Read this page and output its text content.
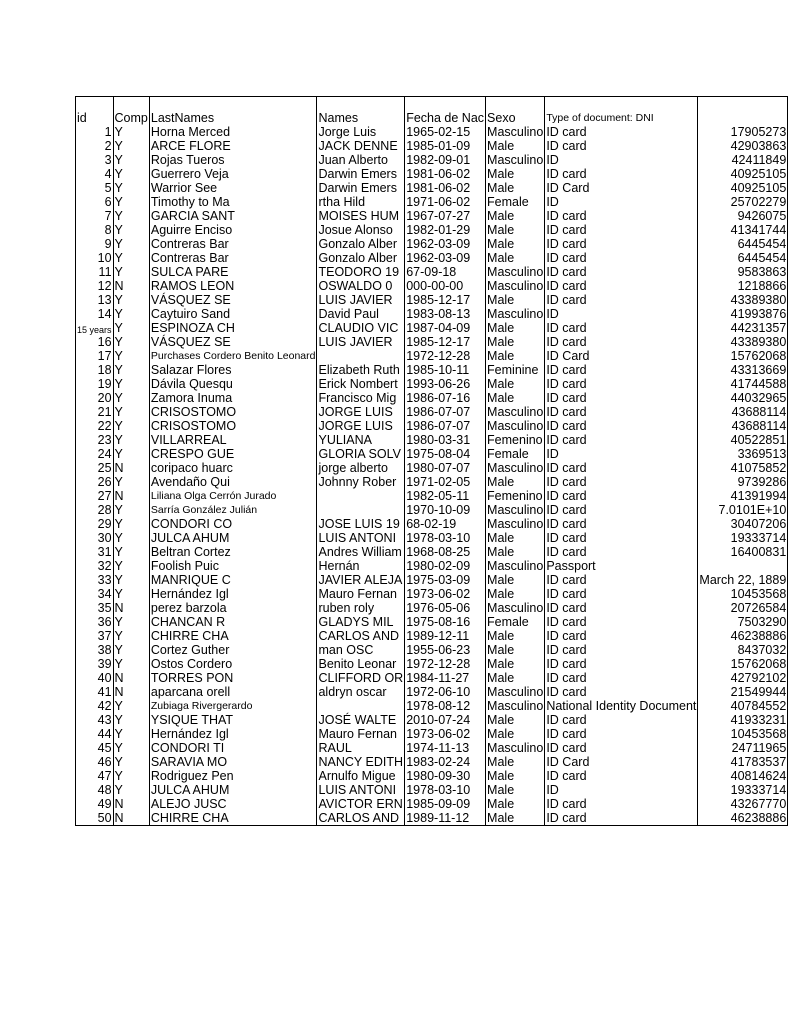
id	Comp	LastNames	Names	Fecha de Nac	Sexo	Type of document: DNI	
1	Y	Horna Merced	Jorge Luis	1965-02-15	Masculino	ID card	17905273
2	Y	ARCE FLORE	JACK DENNE	1985-01-09	Male	ID card	42903863
3	Y	Rojas Tueros	Juan Alberto	1982-09-01	Masculino	ID	42411849
4	Y	Guerrero Veja	Darwin Emers	1981-06-02	Male	ID card	40925105
5	Y	Warrior See	Darwin Emers	1981-06-02	Male	ID Card	40925105
6	Y	Timothy to Ma	rtha Hild	1971-06-02	Female	ID	25702279
7	Y	GARCIA SANT	MOISES HUM	1967-07-27	Male	ID card	9426075
8	Y	Aguirre Enciso	Josue Alonso	1982-01-29	Male	ID card	41341744
9	Y	Contreras Bar	Gonzalo Alber	1962-03-09	Male	ID card	6445454
10	Y	Contreras Bar	Gonzalo Alber	1962-03-09	Male	ID card	6445454
11	Y	SULCA PARE	TEODORO 19	67-09-18	Masculino	ID card	9583863
12	N	RAMOS LEON	OSWALDO 0	000-00-00	Masculino	ID card	1218866
13	Y	VÁSQUEZ SE	LUIS JAVIER	1985-12-17	Male	ID card	43389380
14	Y	Caytuiro Sand	David Paul	1983-08-13	Masculino	ID	41993876
15 years	Y	ESPINOZA CH	CLAUDIO VIC	1987-04-09	Male	ID card	44231357
16	Y	VÁSQUEZ SE	LUIS JAVIER	1985-12-17	Male	ID card	43389380
17	Y	Purchases Cordero Benito Leonard		1972-12-28	Male	ID Card	15762068
18	Y	Salazar Flores	Elizabeth Ruth	1985-10-11	Feminine	ID card	43313669
19	Y	Dávila Quesqu	Erick Nombert	1993-06-26	Male	ID card	41744588
20	Y	Zamora Inuma	Francisco Mig	1986-07-16	Male	ID card	44032965
21	Y	CRISOSTOMO	JORGE LUIS	1986-07-07	Masculino	ID card	43688114
22	Y	CRISOSTOMO	JORGE LUIS	1986-07-07	Masculino	ID card	43688114
23	Y	VILLARREAL	YULIANA	1980-03-31	Femenino	ID card	40522851
24	Y	CRESPO GUE	GLORIA SOLV	1975-08-04	Female	ID	3369513
25	N	coripaco huarc	jorge alberto	1980-07-07	Masculino	ID card	41075852
26	Y	Avendaño Qui	Johnny Rober	1971-02-05	Male	ID card	9739286
27	N	Liliana Olga Cerrón Jurado		1982-05-11	Femenino	ID card	41391994
28	Y	Sarría González Julián		1970-10-09	Masculino	ID card	7.0101E+10
29	Y	CONDORI CO	JOSE LUIS 19	68-02-19	Masculino	ID card	30407206
30	Y	JULCA AHUM	LUIS ANTONI	1978-03-10	Male	ID card	19333714
31	Y	Beltran Cortez	Andres William	1968-08-25	Male	ID card	16400831
32	Y	Foolish Puic	Hernán	1980-02-09	Masculino	Passport	
33	Y	MANRIQUE C	JAVIER ALEJA	1975-03-09	Male	ID card	March 22, 1889
34	Y	Hernández Igl	Mauro Fernan	1973-06-02	Male	ID card	10453568
35	N	perez barzola	ruben roly	1976-05-06	Masculino	ID card	20726584
36	Y	CHANCAN R	GLADYS MIL	1975-08-16	Female	ID card	7503290
37	Y	CHIRRE CHA	CARLOS AND	1989-12-11	Male	ID card	46238886
38	Y	Cortez Guther	man OSC	1955-06-23	Male	ID card	8437032
39	Y	Ostos Cordero	Benito Leonar	1972-12-28	Male	ID card	15762068
40	N	TORRES PON	CLIFFORD OR	1984-11-27	Male	ID card	42792102
41	N	aparcana orell	aldryn oscar	1972-06-10	Masculino	ID card	21549944
42	Y	Zubiaga Rivergerardo		1978-08-12	Masculino	National Identity Document	40784552
43	Y	YSIQUE THAT	JOSÉ WALTE	2010-07-24	Male	ID card	41933231
44	Y	Hernández Igl	Mauro Fernan	1973-06-02	Male	ID card	10453568
45	Y	CONDORI TI	RAUL	1974-11-13	Masculino	ID card	24711965
46	Y	SARAVIA MO	NANCY EDITH	1983-02-24	Male	ID Card	41783537
47	Y	Rodriguez Pen	Arnulfo Migue	1980-09-30	Male	ID card	40814624
48	Y	JULCA AHUM	LUIS ANTONI	1978-03-10	Male	ID	19333714
49	N	ALEJO JUSC	AVICTOR ERN	1985-09-09	Male	ID card	43267770
50	N	CHIRRE CHA	CARLOS AND	1989-11-12	Male	ID card	46238886
